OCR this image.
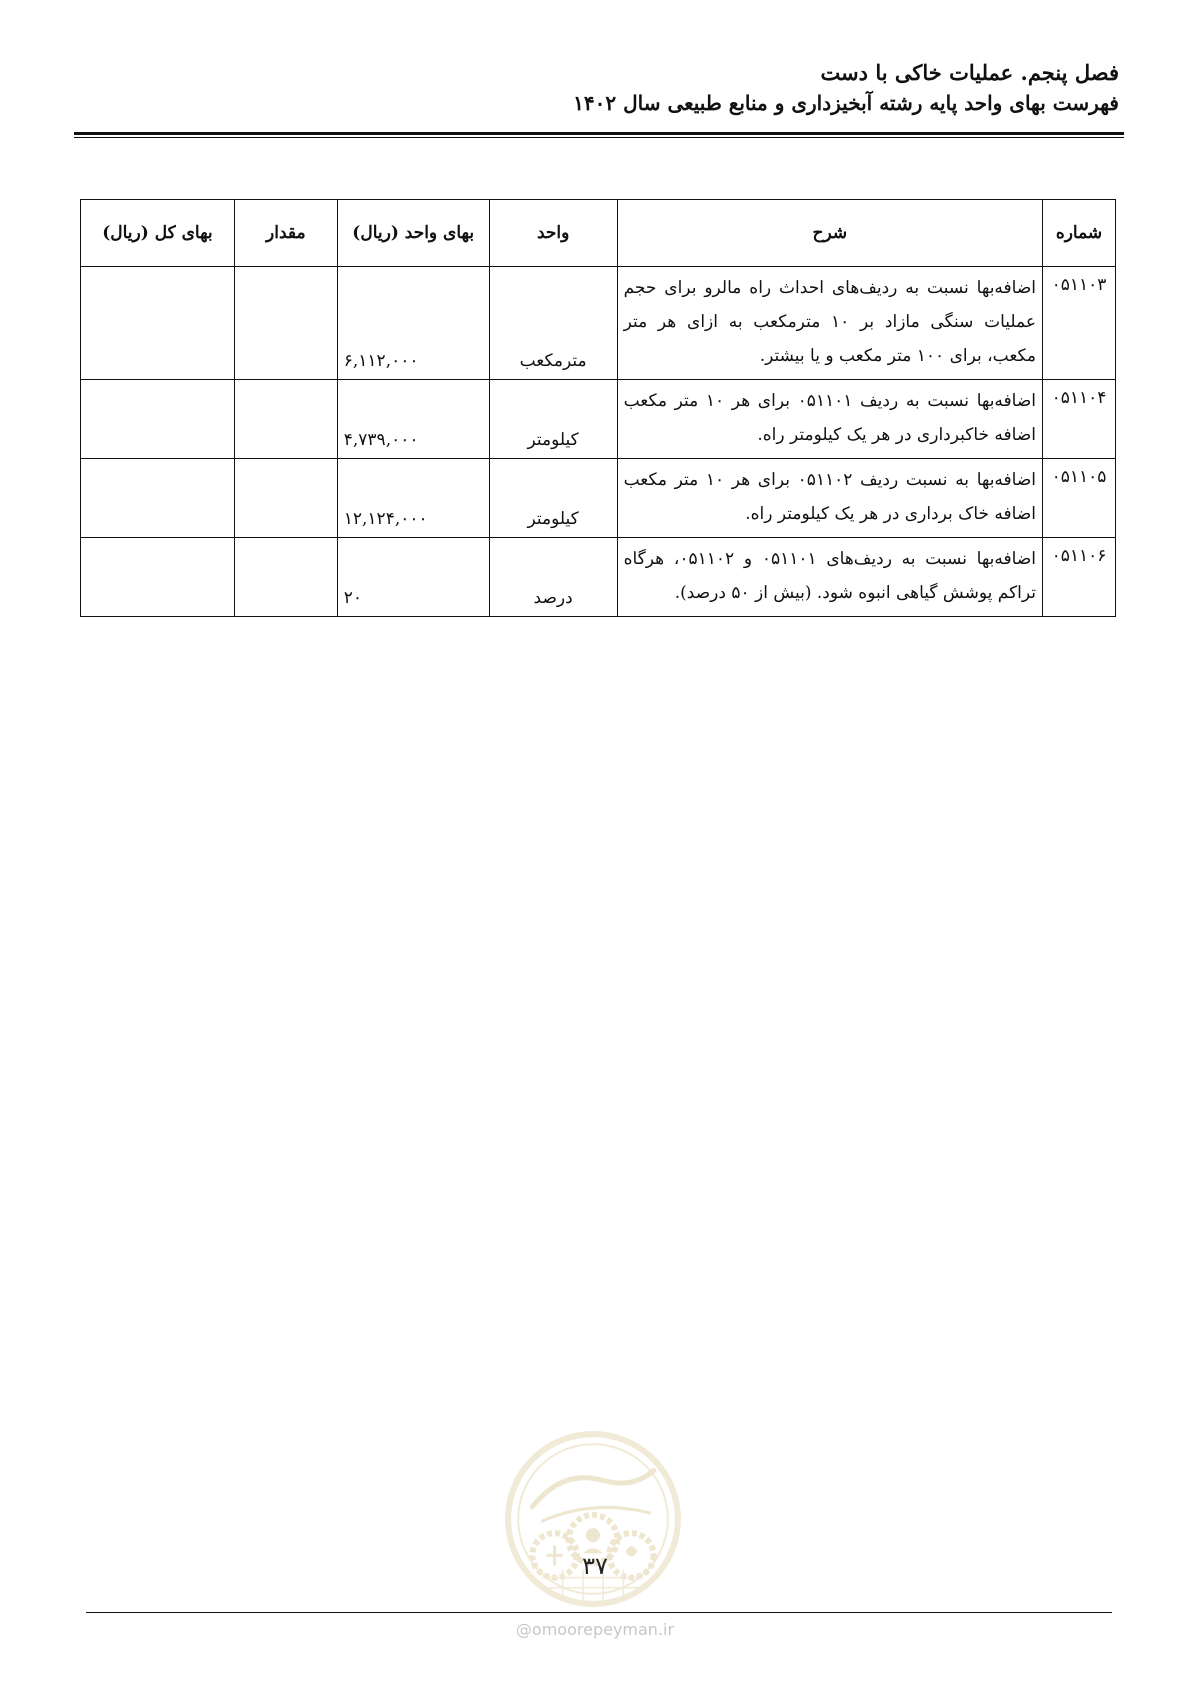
فصل پنجم. عملیات خاکی با دست
فهرست بهای واحد پایه رشته آبخیزداری و منابع طبیعی سال ۱۴۰۲
شماره	شرح	واحد	بهای واحد (ریال)	مقدار	بهای کل (ریال)
۰۵۱۱۰۳	اضافه‌بها نسبت به ردیف‌های احداث راه مالرو برای حجم عملیات سنگی مازاد بر ۱۰ مترمکعب به ازای هر متر مکعب، برای ۱۰۰ متر مکعب و یا بیشتر.	مترمکعب	۶,۱۱۲,۰۰۰		
۰۵۱۱۰۴	اضافه‌بها نسبت به ردیف ۰۵۱۱۰۱ برای هر ۱۰ متر مکعب اضافه خاکبرداری در هر یک کیلومتر راه.	کیلومتر	۴,۷۳۹,۰۰۰		
۰۵۱۱۰۵	اضافه‌بها به نسبت ردیف ۰۵۱۱۰۲ برای هر ۱۰ متر مکعب اضافه خاک برداری در هر یک کیلومتر راه.	کیلومتر	۱۲,۱۲۴,۰۰۰		
۰۵۱۱۰۶	اضافه‌بها نسبت به ردیف‌های ۰۵۱۱۰۱ و ۰۵۱۱۰۲، هرگاه تراکم پوشش گیاهی انبوه شود. (بیش از ۵۰ درصد).	درصد	۲۰		
۳۷
@omoorepeyman.ir
